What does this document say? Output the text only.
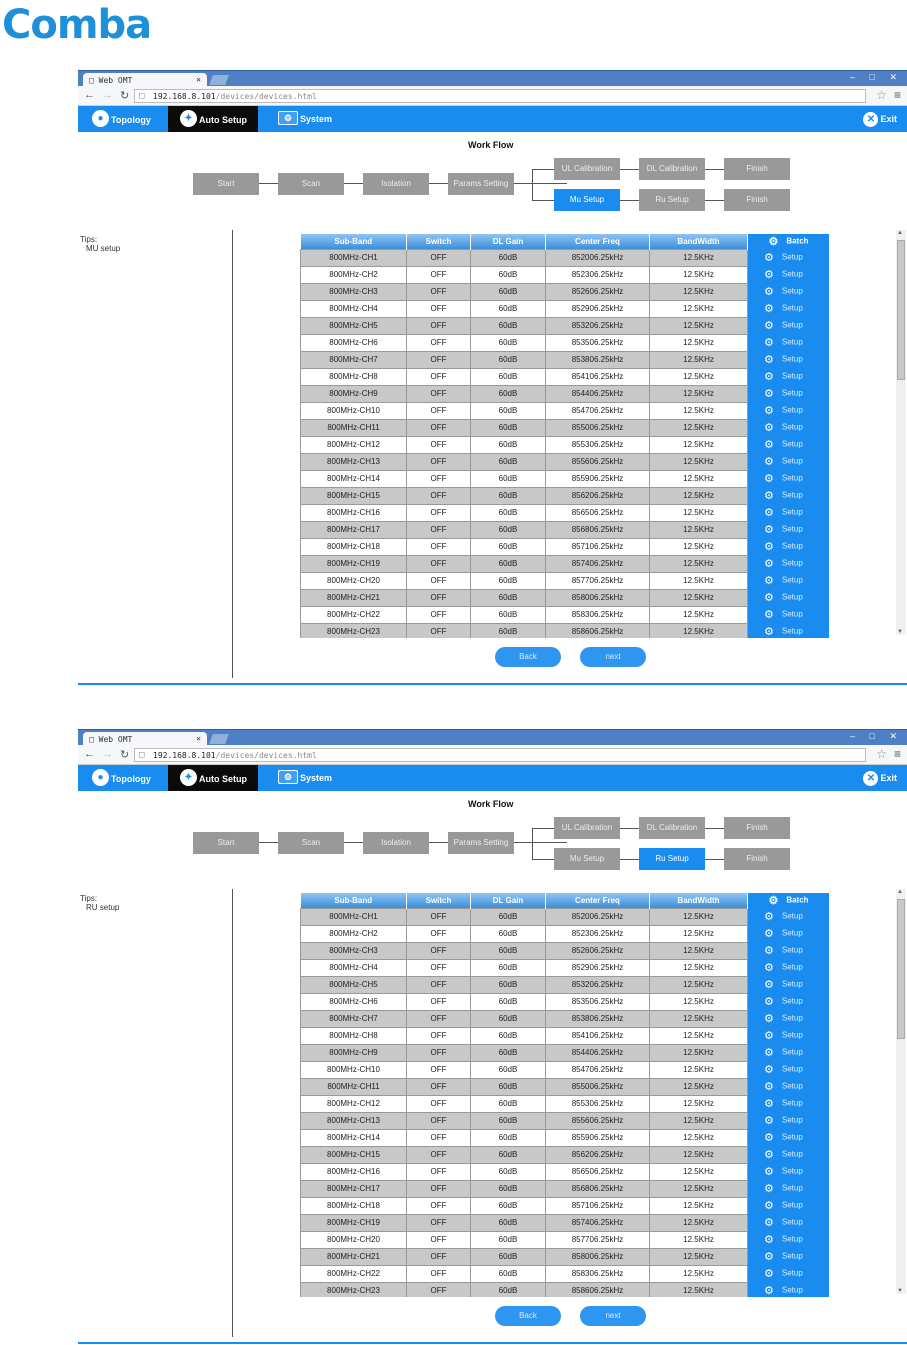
Comba
□ Web OMT	✕	– □ ✕
← → ↻ □ 192.168.8.101/devices/devices.html	☆ ≡
● Topology	✦ Auto Setup	⚙ System	✕ Exit
Work Flow
Start	Scan	Isolation	Params Setting
UL Calibration	DL Calibration	Finish
Mu Setup	Ru Setup	Finish
Tips:
MU setup
Sub-Band	Switch	DL Gain	Center Freq	BandWidth	⚙ Batch
800MHz-CH1	OFF	60dB	852006.25kHz	12.5KHz	⚙ Setup
800MHz-CH2	OFF	60dB	852306.25kHz	12.5KHz	⚙ Setup
800MHz-CH3	OFF	60dB	852606.25kHz	12.5KHz	⚙ Setup
800MHz-CH4	OFF	60dB	852906.25kHz	12.5KHz	⚙ Setup
800MHz-CH5	OFF	60dB	853206.25kHz	12.5KHz	⚙ Setup
800MHz-CH6	OFF	60dB	853506.25kHz	12.5KHz	⚙ Setup
800MHz-CH7	OFF	60dB	853806.25kHz	12.5KHz	⚙ Setup
800MHz-CH8	OFF	60dB	854106.25kHz	12.5KHz	⚙ Setup
800MHz-CH9	OFF	60dB	854406.25kHz	12.5KHz	⚙ Setup
800MHz-CH10	OFF	60dB	854706.25kHz	12.5KHz	⚙ Setup
800MHz-CH11	OFF	60dB	855006.25kHz	12.5KHz	⚙ Setup
800MHz-CH12	OFF	60dB	855306.25kHz	12.5KHz	⚙ Setup
800MHz-CH13	OFF	60dB	855606.25kHz	12.5KHz	⚙ Setup
800MHz-CH14	OFF	60dB	855906.25kHz	12.5KHz	⚙ Setup
800MHz-CH15	OFF	60dB	856206.25kHz	12.5KHz	⚙ Setup
800MHz-CH16	OFF	60dB	856506.25kHz	12.5KHz	⚙ Setup
800MHz-CH17	OFF	60dB	856806.25kHz	12.5KHz	⚙ Setup
800MHz-CH18	OFF	60dB	857106.25kHz	12.5KHz	⚙ Setup
800MHz-CH19	OFF	60dB	857406.25kHz	12.5KHz	⚙ Setup
800MHz-CH20	OFF	60dB	857706.25kHz	12.5KHz	⚙ Setup
800MHz-CH21	OFF	60dB	858006.25kHz	12.5KHz	⚙ Setup
800MHz-CH22	OFF	60dB	858306.25kHz	12.5KHz	⚙ Setup
800MHz-CH23	OFF	60dB	858606.25kHz	12.5KHz	⚙ Setup
▲
▼
Back	next
□ Web OMT	✕	– □ ✕
← → ↻ □ 192.168.8.101/devices/devices.html	☆ ≡
● Topology	✦ Auto Setup	⚙ System	✕ Exit
Work Flow
Start	Scan	Isolation	Params Setting
UL Calibration	DL Calibration	Finish
Mu Setup	Ru Setup	Finish
Tips:
RU setup
Sub-Band	Switch	DL Gain	Center Freq	BandWidth	⚙ Batch
800MHz-CH1	OFF	60dB	852006.25kHz	12.5KHz	⚙ Setup
800MHz-CH2	OFF	60dB	852306.25kHz	12.5KHz	⚙ Setup
800MHz-CH3	OFF	60dB	852606.25kHz	12.5KHz	⚙ Setup
800MHz-CH4	OFF	60dB	852906.25kHz	12.5KHz	⚙ Setup
800MHz-CH5	OFF	60dB	853206.25kHz	12.5KHz	⚙ Setup
800MHz-CH6	OFF	60dB	853506.25kHz	12.5KHz	⚙ Setup
800MHz-CH7	OFF	60dB	853806.25kHz	12.5KHz	⚙ Setup
800MHz-CH8	OFF	60dB	854106.25kHz	12.5KHz	⚙ Setup
800MHz-CH9	OFF	60dB	854406.25kHz	12.5KHz	⚙ Setup
800MHz-CH10	OFF	60dB	854706.25kHz	12.5KHz	⚙ Setup
800MHz-CH11	OFF	60dB	855006.25kHz	12.5KHz	⚙ Setup
800MHz-CH12	OFF	60dB	855306.25kHz	12.5KHz	⚙ Setup
800MHz-CH13	OFF	60dB	855606.25kHz	12.5KHz	⚙ Setup
800MHz-CH14	OFF	60dB	855906.25kHz	12.5KHz	⚙ Setup
800MHz-CH15	OFF	60dB	856206.25kHz	12.5KHz	⚙ Setup
800MHz-CH16	OFF	60dB	856506.25kHz	12.5KHz	⚙ Setup
800MHz-CH17	OFF	60dB	856806.25kHz	12.5KHz	⚙ Setup
800MHz-CH18	OFF	60dB	857106.25kHz	12.5KHz	⚙ Setup
800MHz-CH19	OFF	60dB	857406.25kHz	12.5KHz	⚙ Setup
800MHz-CH20	OFF	60dB	857706.25kHz	12.5KHz	⚙ Setup
800MHz-CH21	OFF	60dB	858006.25kHz	12.5KHz	⚙ Setup
800MHz-CH22	OFF	60dB	858306.25kHz	12.5KHz	⚙ Setup
800MHz-CH23	OFF	60dB	858606.25kHz	12.5KHz	⚙ Setup
▲
▼
Back	next
